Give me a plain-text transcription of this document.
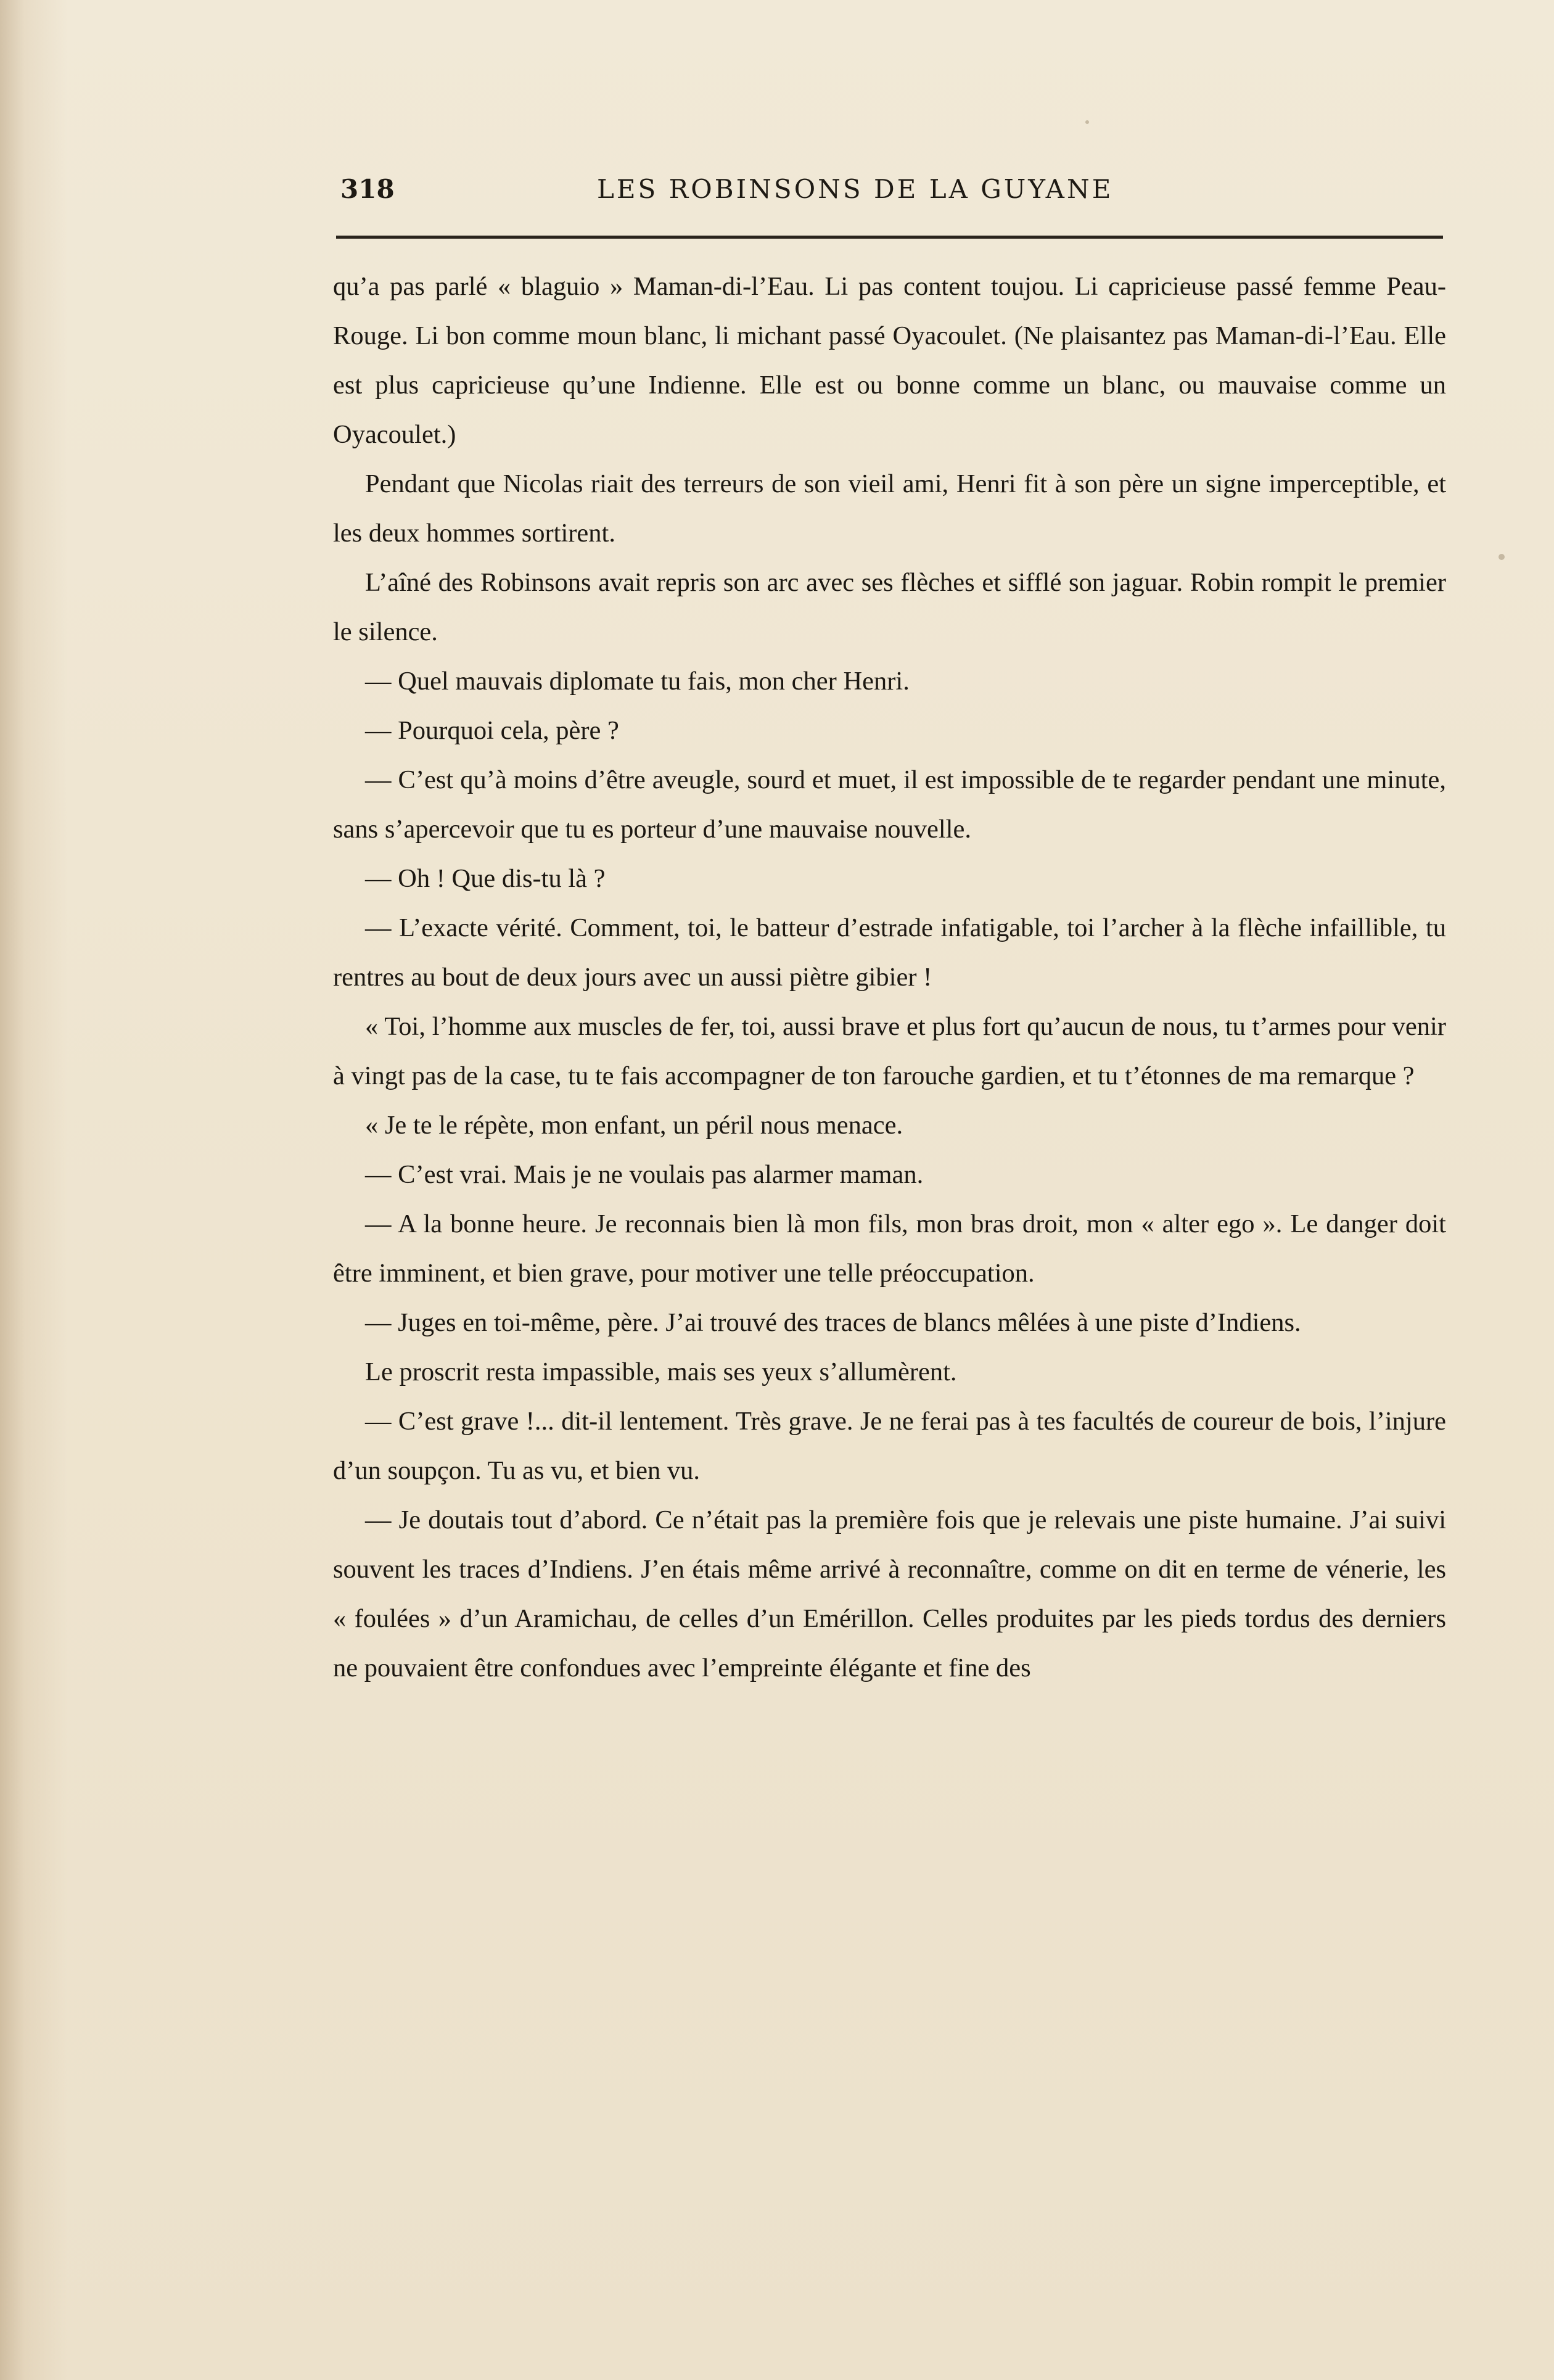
318	LES ROBINSONS DE LA GUYANE

qu’a pas parlé « blaguio » Maman-di-l’Eau. Li pas content toujou. Li capricieuse passé femme Peau-Rouge. Li bon comme moun blanc, li michant passé Oyacoulet. (Ne plaisantez pas Maman-di-l’Eau. Elle est plus capricieuse qu’une Indienne. Elle est ou bonne comme un blanc, ou mauvaise comme un Oyacoulet.)

Pendant que Nicolas riait des terreurs de son vieil ami, Henri fit à son père un signe imperceptible, et les deux hommes sortirent.

L’aîné des Robinsons avait repris son arc avec ses flèches et sifflé son jaguar. Robin rompit le premier le silence.

— Quel mauvais diplomate tu fais, mon cher Henri.

— Pourquoi cela, père ?

— C’est qu’à moins d’être aveugle, sourd et muet, il est impossible de te regarder pendant une minute, sans s’apercevoir que tu es porteur d’une mauvaise nouvelle.

— Oh ! Que dis-tu là ?

— L’exacte vérité. Comment, toi, le batteur d’estrade infatigable, toi l’archer à la flèche infaillible, tu rentres au bout de deux jours avec un aussi piètre gibier !

« Toi, l’homme aux muscles de fer, toi, aussi brave et plus fort qu’aucun de nous, tu t’armes pour venir à vingt pas de la case, tu te fais accompagner de ton farouche gardien, et tu t’étonnes de ma remarque ?

« Je te le répète, mon enfant, un péril nous menace.

— C’est vrai. Mais je ne voulais pas alarmer maman.

— A la bonne heure. Je reconnais bien là mon fils, mon bras droit, mon « alter ego ». Le danger doit être imminent, et bien grave, pour motiver une telle préoccupation.

— Juges en toi-même, père. J’ai trouvé des traces de blancs mêlées à une piste d’Indiens.

Le proscrit resta impassible, mais ses yeux s’allumèrent.

— C’est grave !... dit-il lentement. Très grave. Je ne ferai pas à tes facultés de coureur de bois, l’injure d’un soupçon. Tu as vu, et bien vu.

— Je doutais tout d’abord. Ce n’était pas la première fois que je relevais une piste humaine. J’ai suivi souvent les traces d’Indiens. J’en étais même arrivé à reconnaître, comme on dit en terme de vénerie, les « foulées » d’un Aramichau, de celles d’un Emérillon. Celles produites par les pieds tordus des derniers ne pouvaient être confondues avec l’empreinte élégante et fine des
